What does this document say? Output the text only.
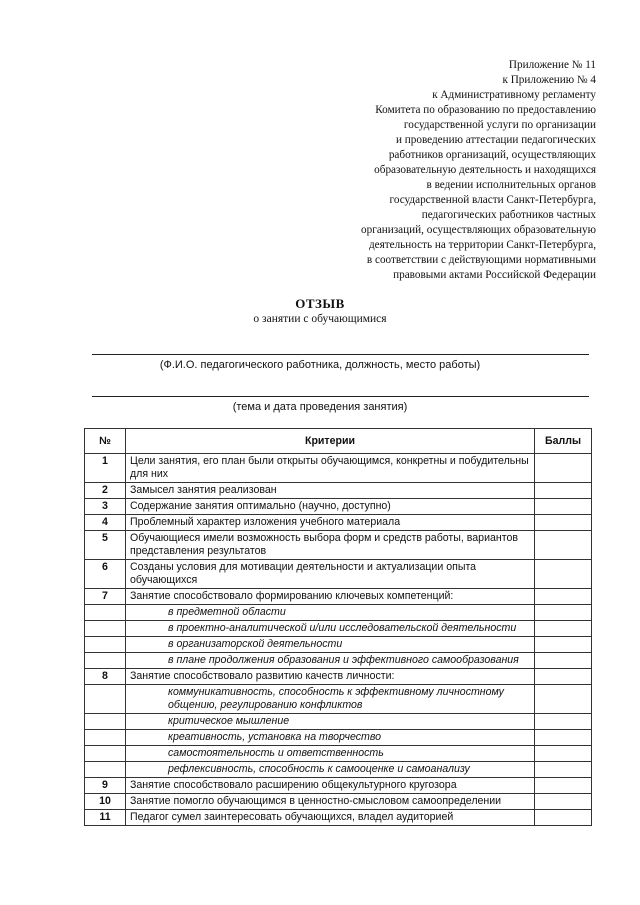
Приложение № 11
к Приложению № 4
к Административному регламенту
Комитета по образованию по предоставлению
государственной услуги по организации
и проведению аттестации педагогических
работников организаций, осуществляющих
образовательную деятельность и находящихся
в ведении исполнительных органов
государственной власти Санкт-Петербурга,
педагогических работников частных
организаций, осуществляющих образовательную
деятельность на территории Санкт-Петербурга,
в соответствии с действующими нормативными
правовыми актами Российской Федерации
ОТЗЫВ
о занятии с обучающимися
(Ф.И.О. педагогического работника, должность, место работы)
(тема и дата проведения занятия)
№	Критерии	Баллы
1	Цели занятия, его план были открыты обучающимся, конкретны и побудительны для них	
2	Замысел занятия реализован	
3	Содержание занятия оптимально (научно, доступно)	
4	Проблемный характер изложения учебного материала	
5	Обучающиеся имели возможность выбора форм и средств работы, вариантов представления результатов	
6	Созданы условия для мотивации деятельности и актуализации опыта обучающихся	
7	Занятие способствовало формированию ключевых компетенций:	
	в предметной области	
	в проектно-аналитической и/или исследовательской деятельности	
	в организаторской деятельности	
	в плане продолжения образования и эффективного самообразования	
8	Занятие способствовало развитию качеств личности:	
	коммуникативность, способность к эффективному личностному общению, регулированию конфликтов	
	критическое мышление	
	креативность, установка на творчество	
	самостоятельность и ответственность	
	рефлексивность, способность к самооценке и самоанализу	
9	Занятие способствовало расширению общекультурного кругозора	
10	Занятие помогло обучающимся в ценностно-смысловом самоопределении	
11	Педагог сумел заинтересовать обучающихся, владел аудиторией	
